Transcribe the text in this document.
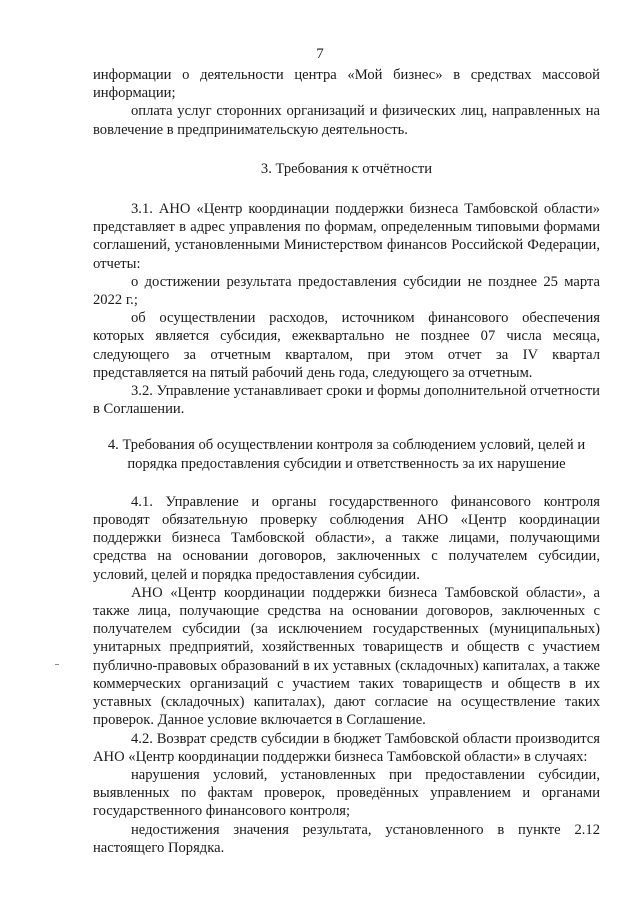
7

информации о деятельности центра «Мой бизнес» в средствах массовой информации;

оплата услуг сторонних организаций и физических лиц, направленных на вовлечение в предпринимательскую деятельность.

3. Требования к отчётности

3.1. АНО «Центр координации поддержки бизнеса Тамбовской области» представляет в адрес управления по формам, определенным типовыми формами соглашений, установленными Министерством финансов Российской Федерации, отчеты:

о достижении результата предоставления субсидии не позднее 25 марта 2022 г.;

об осуществлении расходов, источником финансового обеспечения которых является субсидия, ежеквартально не позднее 07 числа месяца, следующего за отчетным кварталом, при этом отчет за IV квартал представляется на пятый рабочий день года, следующего за отчетным.

3.2. Управление устанавливает сроки и формы дополнительной отчетности в Соглашении.

4. Требования об осуществлении контроля за соблюдением условий, целей и порядка предоставления субсидии и ответственность за их нарушение

4.1. Управление и органы государственного финансового контроля проводят обязательную проверку соблюдения АНО «Центр координации поддержки бизнеса Тамбовской области», а также лицами, получающими средства на основании договоров, заключенных с получателем субсидии, условий, целей и порядка предоставления субсидии.

АНО «Центр координации поддержки бизнеса Тамбовской области», а также лица, получающие средства на основании договоров, заключенных с получателем субсидии (за исключением государственных (муниципальных) унитарных предприятий, хозяйственных товариществ и обществ с участием публично-правовых образований в их уставных (складочных) капиталах, а также коммерческих организаций с участием таких товариществ и обществ в их уставных (складочных) капиталах), дают согласие на осуществление таких проверок. Данное условие включается в Соглашение.

4.2. Возврат средств субсидии в бюджет Тамбовской области производится АНО «Центр координации поддержки бизнеса Тамбовской области» в случаях:

нарушения условий, установленных при предоставлении субсидии, выявленных по фактам проверок, проведённых управлением и органами государственного финансового контроля;

недостижения значения результата, установленного в пункте 2.12 настоящего Порядка.
